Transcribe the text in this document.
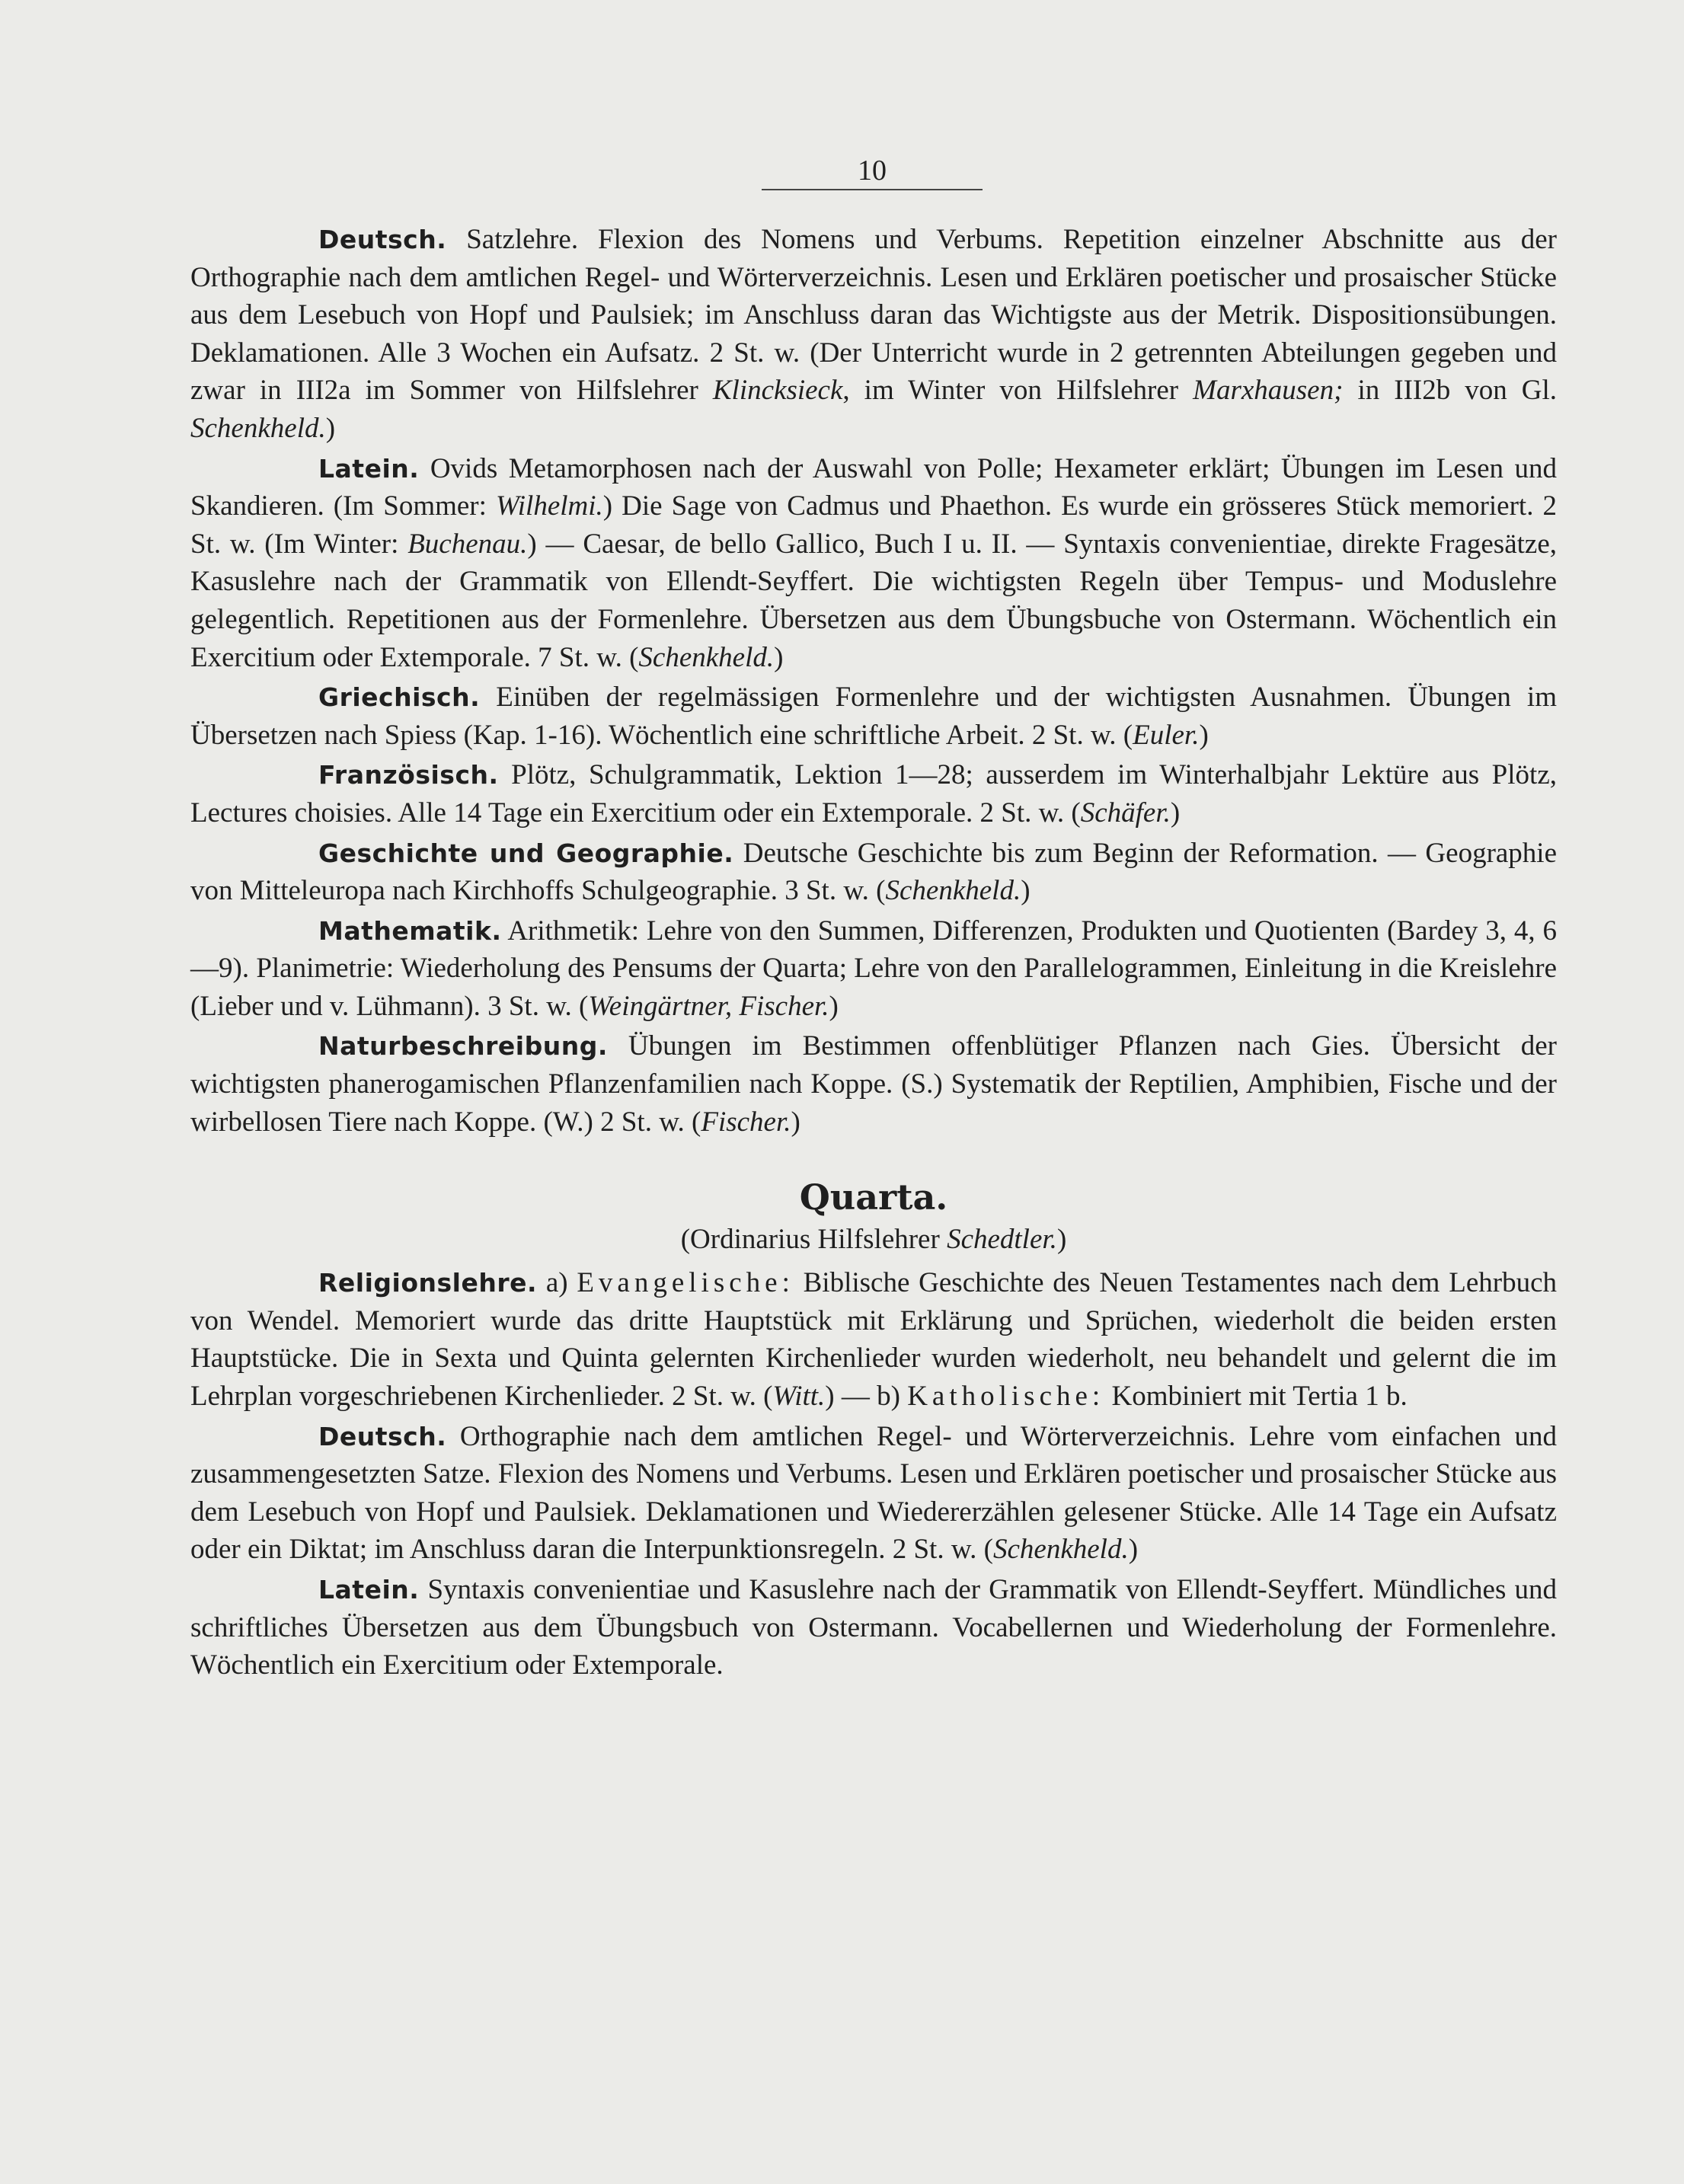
10

Deutsch. Satzlehre. Flexion des Nomens und Verbums. Repetition einzelner Abschnitte aus der Orthographie nach dem amtlichen Regel- und Wörterverzeichnis. Lesen und Erklären poetischer und prosaischer Stücke aus dem Lesebuch von Hopf und Paulsiek; im Anschluss daran das Wichtigste aus der Metrik. Dispositionsübungen. Deklamationen. Alle 3 Wochen ein Aufsatz. 2 St. w. (Der Unterricht wurde in 2 getrennten Abteilungen gegeben und zwar in III2a im Sommer von Hilfslehrer Klincksieck, im Winter von Hilfslehrer Marxhausen; in III2b von Gl. Schenkheld.)

Latein. Ovids Metamorphosen nach der Auswahl von Polle; Hexameter erklärt; Übungen im Lesen und Skandieren. (Im Sommer: Wilhelmi.) Die Sage von Cadmus und Phaethon. Es wurde ein grösseres Stück memoriert. 2 St. w. (Im Winter: Buchenau.) — Caesar, de bello Gallico, Buch I u. II. — Syntaxis convenientiae, direkte Fragesätze, Kasuslehre nach der Grammatik von Ellendt-Seyffert. Die wichtigsten Regeln über Tempus- und Moduslehre gelegentlich. Repetitionen aus der Formenlehre. Übersetzen aus dem Übungsbuche von Ostermann. Wöchentlich ein Exercitium oder Extemporale. 7 St. w. (Schenkheld.)

Griechisch. Einüben der regelmässigen Formenlehre und der wichtigsten Ausnahmen. Übungen im Übersetzen nach Spiess (Kap. 1-16). Wöchentlich eine schriftliche Arbeit. 2 St. w. (Euler.)

Französisch. Plötz, Schulgrammatik, Lektion 1—28; ausserdem im Winterhalbjahr Lektüre aus Plötz, Lectures choisies. Alle 14 Tage ein Exercitium oder ein Extemporale. 2 St. w. (Schäfer.)

Geschichte und Geographie. Deutsche Geschichte bis zum Beginn der Reformation. — Geographie von Mitteleuropa nach Kirchhoffs Schulgeographie. 3 St. w. (Schenkheld.)

Mathematik. Arithmetik: Lehre von den Summen, Differenzen, Produkten und Quotienten (Bardey 3, 4, 6—9). Planimetrie: Wiederholung des Pensums der Quarta; Lehre von den Parallelogrammen, Einleitung in die Kreislehre (Lieber und v. Lühmann). 3 St. w. (Weingärtner, Fischer.)

Naturbeschreibung. Übungen im Bestimmen offenblütiger Pflanzen nach Gies. Übersicht der wichtigsten phanerogamischen Pflanzenfamilien nach Koppe. (S.) Systematik der Reptilien, Amphibien, Fische und der wirbellosen Tiere nach Koppe. (W.) 2 St. w. (Fischer.)

Quarta.
(Ordinarius Hilfslehrer Schedtler.)

Religionslehre. a) Evangelische: Biblische Geschichte des Neuen Testamentes nach dem Lehrbuch von Wendel. Memoriert wurde das dritte Hauptstück mit Erklärung und Sprüchen, wiederholt die beiden ersten Hauptstücke. Die in Sexta und Quinta gelernten Kirchenlieder wurden wiederholt, neu behandelt und gelernt die im Lehrplan vorgeschriebenen Kirchenlieder. 2 St. w. (Witt.) — b) Katholische: Kombiniert mit Tertia 1 b.

Deutsch. Orthographie nach dem amtlichen Regel- und Wörterverzeichnis. Lehre vom einfachen und zusammengesetzten Satze. Flexion des Nomens und Verbums. Lesen und Erklären poetischer und prosaischer Stücke aus dem Lesebuch von Hopf und Paulsiek. Deklamationen und Wiedererzählen gelesener Stücke. Alle 14 Tage ein Aufsatz oder ein Diktat; im Anschluss daran die Interpunktionsregeln. 2 St. w. (Schenkheld.)

Latein. Syntaxis convenientiae und Kasuslehre nach der Grammatik von Ellendt-Seyffert. Mündliches und schriftliches Übersetzen aus dem Übungsbuch von Ostermann. Vocabellernen und Wiederholung der Formenlehre. Wöchentlich ein Exercitium oder Extemporale.
